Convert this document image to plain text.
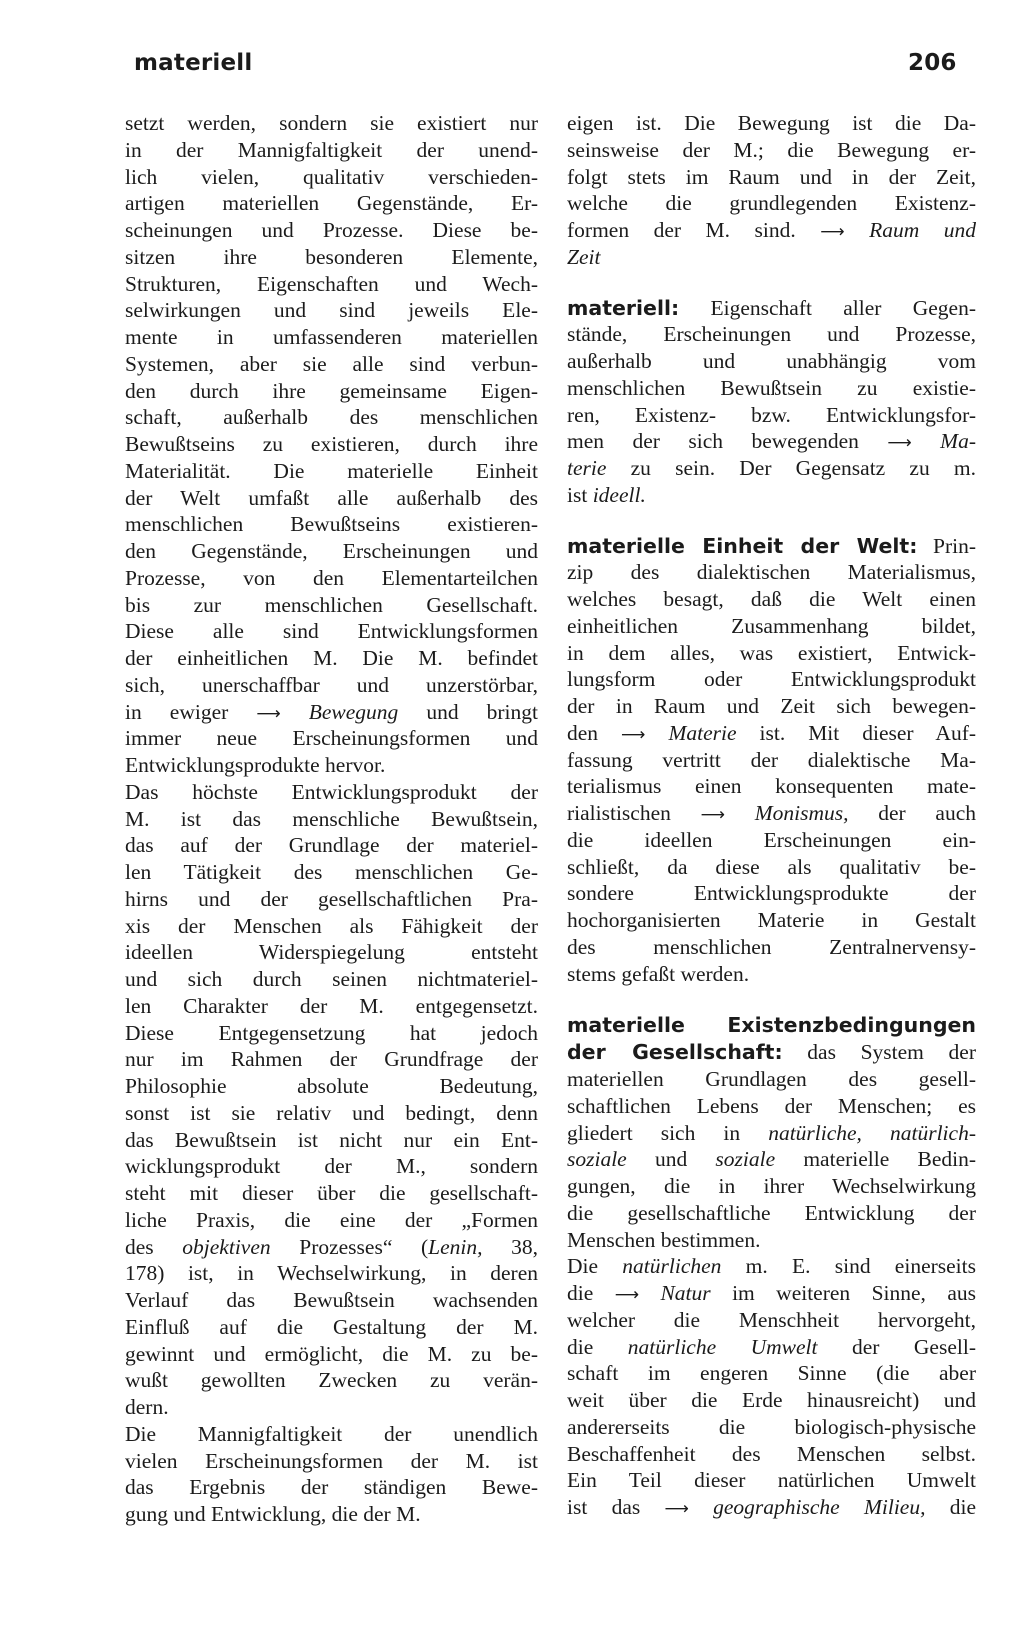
materiell	206
setzt werden, sondern sie existiert nur
in der Mannigfaltigkeit der unend-
lich vielen, qualitativ verschieden-
artigen materiellen Gegenstände, Er-
scheinungen und Prozesse. Diese be-
sitzen ihre besonderen Elemente,
Strukturen, Eigenschaften und Wech-
selwirkungen und sind jeweils Ele-
mente in umfassenderen materiellen
Systemen, aber sie alle sind verbun-
den durch ihre gemeinsame Eigen-
schaft, außerhalb des menschlichen
Bewußtseins zu existieren, durch ihre
Materialität. Die materielle Einheit
der Welt umfaßt alle außerhalb des
menschlichen Bewußtseins existieren-
den Gegenstände, Erscheinungen und
Prozesse, von den Elementarteilchen
bis zur menschlichen Gesellschaft.
Diese alle sind Entwicklungsformen
der einheitlichen M. Die M. befindet
sich, unerschaffbar und unzerstörbar,
in ewiger ⟶ Bewegung und bringt
immer neue Erscheinungsformen und
Entwicklungsprodukte hervor.
Das höchste Entwicklungsprodukt der
M. ist das menschliche Bewußtsein,
das auf der Grundlage der materiel-
len Tätigkeit des menschlichen Ge-
hirns und der gesellschaftlichen Pra-
xis der Menschen als Fähigkeit der
ideellen Widerspiegelung entsteht
und sich durch seinen nichtmateriel-
len Charakter der M. entgegensetzt.
Diese Entgegensetzung hat jedoch
nur im Rahmen der Grundfrage der
Philosophie absolute Bedeutung,
sonst ist sie relativ und bedingt, denn
das Bewußtsein ist nicht nur ein Ent-
wicklungsprodukt der M., sondern
steht mit dieser über die gesellschaft-
liche Praxis, die eine der „Formen
des objektiven Prozesses“ (Lenin, 38,
178) ist, in Wechselwirkung, in deren
Verlauf das Bewußtsein wachsenden
Einfluß auf die Gestaltung der M.
gewinnt und ermöglicht, die M. zu be-
wußt gewollten Zwecken zu verän-
dern.
Die Mannigfaltigkeit der unendlich
vielen Erscheinungsformen der M. ist
das Ergebnis der ständigen Bewe-
gung und Entwicklung, die der M.
eigen ist. Die Bewegung ist die Da-
seinsweise der M.; die Bewegung er-
folgt stets im Raum und in der Zeit,
welche die grundlegenden Existenz-
formen der M. sind. ⟶ Raum und
Zeit
materiell: Eigenschaft aller Gegen-
stände, Erscheinungen und Prozesse,
außerhalb und unabhängig vom
menschlichen Bewußtsein zu existie-
ren, Existenz- bzw. Entwicklungsfor-
men der sich bewegenden ⟶ Ma-
terie zu sein. Der Gegensatz zu m.
ist ideell.
materielle Einheit der Welt: Prin-
zip des dialektischen Materialismus,
welches besagt, daß die Welt einen
einheitlichen Zusammenhang bildet,
in dem alles, was existiert, Entwick-
lungsform oder Entwicklungsprodukt
der in Raum und Zeit sich bewegen-
den ⟶ Materie ist. Mit dieser Auf-
fassung vertritt der dialektische Ma-
terialismus einen konsequenten mate-
rialistischen ⟶ Monismus, der auch
die ideellen Erscheinungen ein-
schließt, da diese als qualitativ be-
sondere Entwicklungsprodukte der
hochorganisierten Materie in Gestalt
des menschlichen Zentralnervensy-
stems gefaßt werden.
materielle Existenzbedingungen
der Gesellschaft: das System der
materiellen Grundlagen des gesell-
schaftlichen Lebens der Menschen; es
gliedert sich in natürliche, natürlich-
soziale und soziale materielle Bedin-
gungen, die in ihrer Wechselwirkung
die gesellschaftliche Entwicklung der
Menschen bestimmen.
Die natürlichen m. E. sind einerseits
die ⟶ Natur im weiteren Sinne, aus
welcher die Menschheit hervorgeht,
die natürliche Umwelt der Gesell-
schaft im engeren Sinne (die aber
weit über die Erde hinausreicht) und
andererseits die biologisch-physische
Beschaffenheit des Menschen selbst.
Ein Teil dieser natürlichen Umwelt
ist das ⟶ geographische Milieu, die
